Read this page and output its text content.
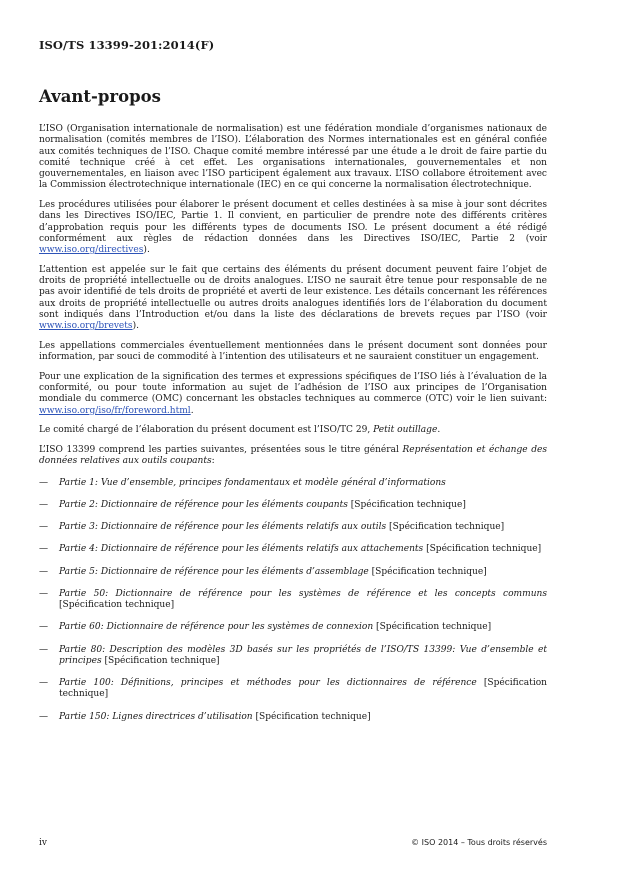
ISO/TS 13399-201:2014(F)
Avant-propos

L’ISO (Organisation internationale de normalisation) est une fédération mondiale d’organismes nationaux de normalisation (comités membres de l’ISO). L’élaboration des Normes internationales est en général confiée aux comités techniques de l’ISO. Chaque comité membre intéressé par une étude a le droit de faire partie du comité technique créé à cet effet. Les organisations internationales, gouvernementales et non gouvernementales, en liaison avec l’ISO participent également aux travaux. L’ISO collabore étroitement avec la Commission électrotechnique internationale (IEC) en ce qui concerne la normalisation électrotechnique.

Les procédures utilisées pour élaborer le présent document et celles destinées à sa mise à jour sont décrites dans les Directives ISO/IEC, Partie 1. Il convient, en particulier de prendre note des différents critères d’approbation requis pour les différents types de documents ISO. Le présent document a été rédigé conformément aux règles de rédaction données dans les Directives ISO/IEC, Partie 2 (voir www.iso.org/directives).

L’attention est appelée sur le fait que certains des éléments du présent document peuvent faire l’objet de droits de propriété intellectuelle ou de droits analogues. L’ISO ne saurait être tenue pour responsable de ne pas avoir identifié de tels droits de propriété et averti de leur existence. Les détails concernant les références aux droits de propriété intellectuelle ou autres droits analogues identifiés lors de l’élaboration du document sont indiqués dans l’Introduction et/ou dans la liste des déclarations de brevets reçues par l’ISO (voir www.iso.org/brevets).

Les appellations commerciales éventuellement mentionnées dans le présent document sont données pour information, par souci de commodité à l’intention des utilisateurs et ne sauraient constituer un engagement.

Pour une explication de la signification des termes et expressions spécifiques de l’ISO liés à l’évaluation de la conformité, ou pour toute information au sujet de l’adhésion de l’ISO aux principes de l’Organisation mondiale du commerce (OMC) concernant les obstacles techniques au commerce (OTC) voir le lien suivant: www.iso.org/iso/fr/foreword.html.

Le comité chargé de l’élaboration du présent document est l’ISO/TC 29, Petit outillage.

L’ISO 13399 comprend les parties suivantes, présentées sous le titre général Représentation et échange des données relatives aux outils coupants:

— Partie 1: Vue d’ensemble, principes fondamentaux et modèle général d’informations
— Partie 2: Dictionnaire de référence pour les éléments coupants [Spécification technique]
— Partie 3: Dictionnaire de référence pour les éléments relatifs aux outils [Spécification technique]
— Partie 4: Dictionnaire de référence pour les éléments relatifs aux attachements [Spécification technique]
— Partie 5: Dictionnaire de référence pour les éléments d’assemblage [Spécification technique]
— Partie 50: Dictionnaire de référence pour les systèmes de référence et les concepts communs [Spécification technique]
— Partie 60: Dictionnaire de référence pour les systèmes de connexion [Spécification technique]
— Partie 80: Description des modèles 3D basés sur les propriétés de l’ISO/TS 13399: Vue d’ensemble et principes [Spécification technique]
— Partie 100: Définitions, principes et méthodes pour les dictionnaires de référence [Spécification technique]
— Partie 150: Lignes directrices d’utilisation [Spécification technique]
iv	© ISO 2014 – Tous droits réservés
